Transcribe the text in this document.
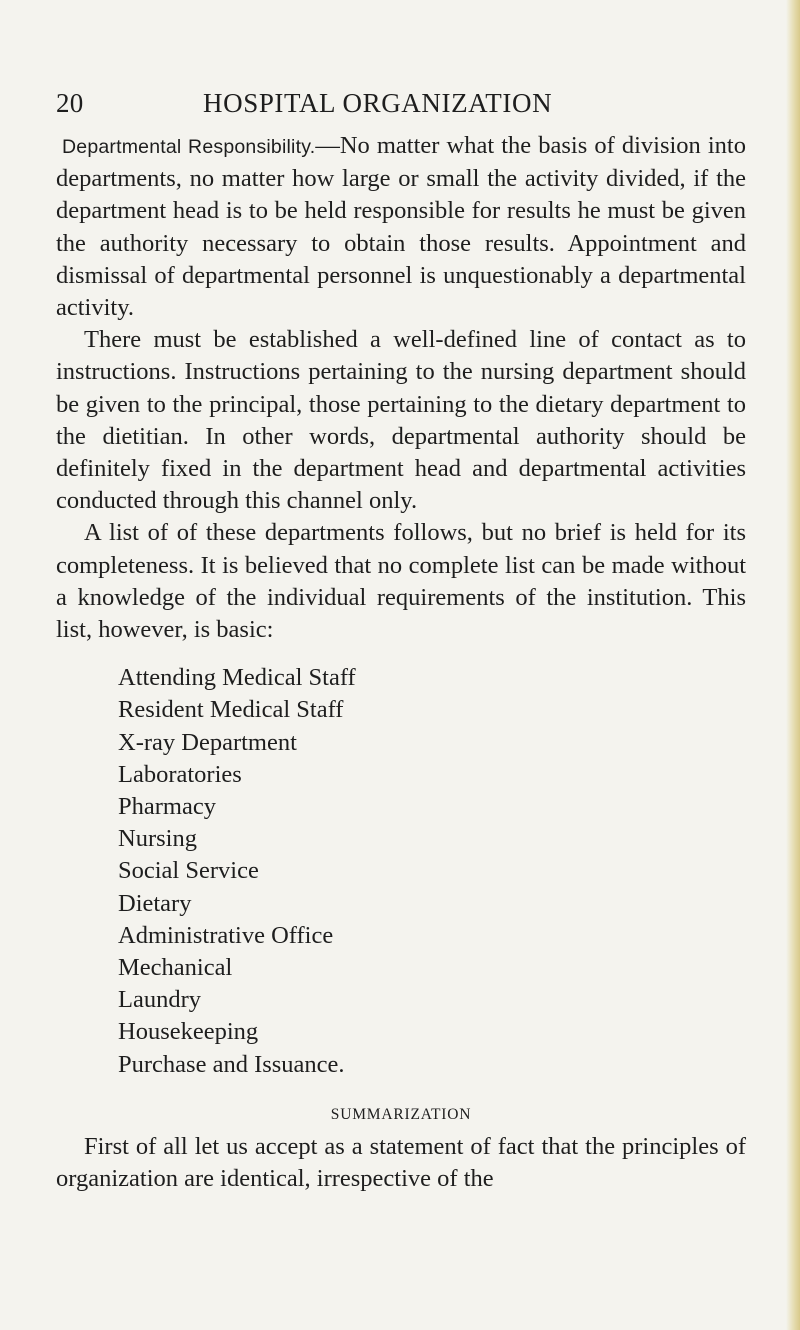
20	HOSPITAL ORGANIZATION

Departmental Responsibility.—No matter what the basis of division into departments, no matter how large or small the activity divided, if the department head is to be held responsible for results he must be given the authority necessary to obtain those results. Appointment and dismissal of departmental personnel is unquestionably a departmental activity.

There must be established a well-defined line of contact as to instructions. Instructions pertaining to the nursing department should be given to the principal, those pertaining to the dietary department to the dietitian. In other words, departmental authority should be definitely fixed in the department head and departmental activities conducted through this channel only.

A list of of these departments follows, but no brief is held for its completeness. It is believed that no complete list can be made without a knowledge of the individual requirements of the institution. This list, however, is basic:

Attending Medical Staff
Resident Medical Staff
X-ray Department
Laboratories
Pharmacy
Nursing
Social Service
Dietary
Administrative Office
Mechanical
Laundry
Housekeeping
Purchase and Issuance.
SUMMARIZATION

First of all let us accept as a statement of fact that the principles of organization are identical, irrespective of the
